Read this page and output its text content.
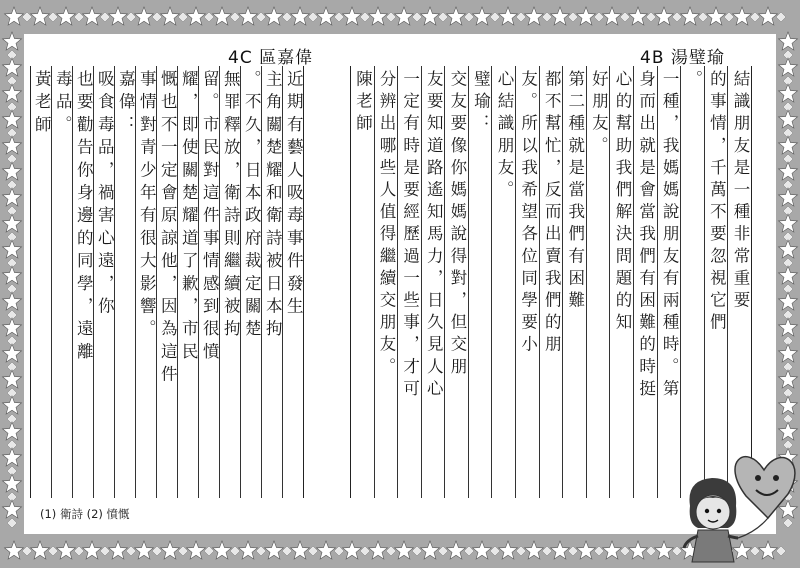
4C 區嘉偉	4B 湯璧瑜
近期有藝人吸毒事件發生
主角關楚耀和衛詩被日本拘
。不久，日本政府裁定關楚
無罪釋放，衛詩則繼續被拘
留。市民對這件事情感到很憤
耀，即使關楚耀道了歉，市民
慨也不一定會原諒他，因為這件
事情對青少年有很大影響。
嘉偉：
吸食毒品，禍害心遠，你
也要勸告你身邊的同學，遠離
毒品。
黃老師	結識朋友是一種非常重要
的事情，千萬不要忽視它們
。
一種，我媽媽說朋友有兩種時。第
身而出就是會當我們有困難的時挺
心的幫助我們解決問題的知
好朋友。
第二種就是當我們有困難
都不幫忙，反而出賣我們的朋
友。所以我希望各位同學要小
心結識朋友。
璧瑜：
交友要像你媽媽說得對，但交朋
友要知道路遙知馬力，日久見人心
一定有時是要經歷過一些事，才可
分辨出哪些人值得繼續交朋友。
陳老師
(1) 衛詩 (2) 憤慨
